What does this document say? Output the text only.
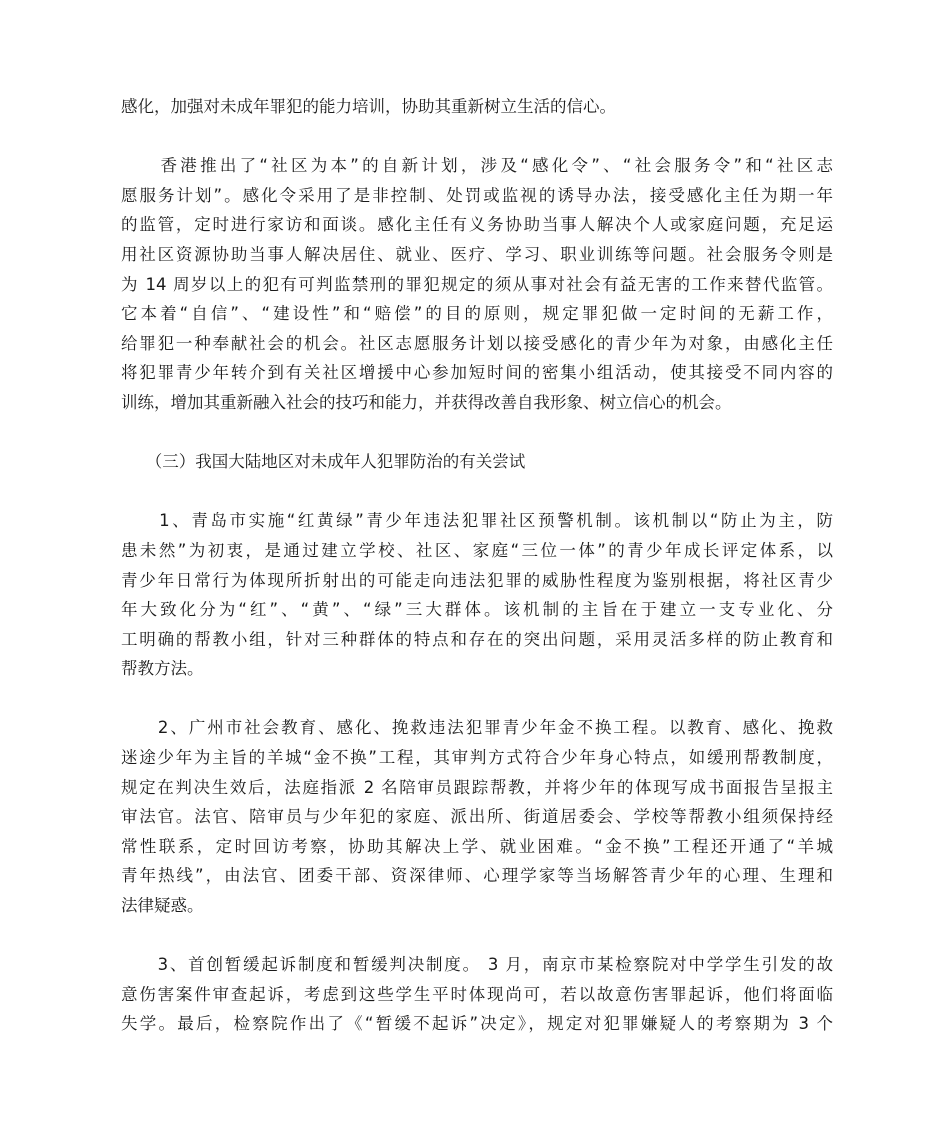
感化，加强对未成年罪犯的能力培训，协助其重新树立生活的信心。
　　香港推出了“社区为本”的自新计划，涉及“感化令”、“社会服务令”和“社区志
愿服务计划”。感化令采用了是非控制、处罚或监视的诱导办法，接受感化主任为期一年
的监管，定时进行家访和面谈。感化主任有义务协助当事人解决个人或家庭问题，充足运
用社区资源协助当事人解决居住、就业、医疗、学习、职业训练等问题。社会服务令则是
为 14 周岁以上的犯有可判监禁刑的罪犯规定的须从事对社会有益无害的工作来替代监管。
它本着“自信”、“建设性”和“赔偿”的目的原则，规定罪犯做一定时间的无薪工作，
给罪犯一种奉献社会的机会。社区志愿服务计划以接受感化的青少年为对象，由感化主任
将犯罪青少年转介到有关社区增援中心参加短时间的密集小组活动，使其接受不同内容的
训练，增加其重新融入社会的技巧和能力，并获得改善自我形象、树立信心的机会。
　　（三）我国大陆地区对未成年人犯罪防治的有关尝试
　　1、青岛市实施“红黄绿”青少年违法犯罪社区预警机制。该机制以“防止为主，防
患未然”为初衷，是通过建立学校、社区、家庭“三位一体”的青少年成长评定体系，以
青少年日常行为体现所折射出的可能走向违法犯罪的威胁性程度为鉴别根据，将社区青少
年大致化分为“红”、“黄”、“绿”三大群体。该机制的主旨在于建立一支专业化、分
工明确的帮教小组，针对三种群体的特点和存在的突出问题，采用灵活多样的防止教育和
帮教方法。
　　2、广州市社会教育、感化、挽救违法犯罪青少年金不换工程。以教育、感化、挽救
迷途少年为主旨的羊城“金不换”工程，其审判方式符合少年身心特点，如缓刑帮教制度，
规定在判决生效后，法庭指派 2 名陪审员跟踪帮教，并将少年的体现写成书面报告呈报主
审法官。法官、陪审员与少年犯的家庭、派出所、街道居委会、学校等帮教小组须保持经
常性联系，定时回访考察，协助其解决上学、就业困难。“金不换”工程还开通了“羊城
青年热线”，由法官、团委干部、资深律师、心理学家等当场解答青少年的心理、生理和
法律疑惑。
　　3、首创暂缓起诉制度和暂缓判决制度。 3 月，南京市某检察院对中学学生引发的故
意伤害案件审查起诉，考虑到这些学生平时体现尚可，若以故意伤害罪起诉，他们将面临
失学。最后，检察院作出了《“暂缓不起诉”决定》，规定对犯罪嫌疑人的考察期为 3 个
